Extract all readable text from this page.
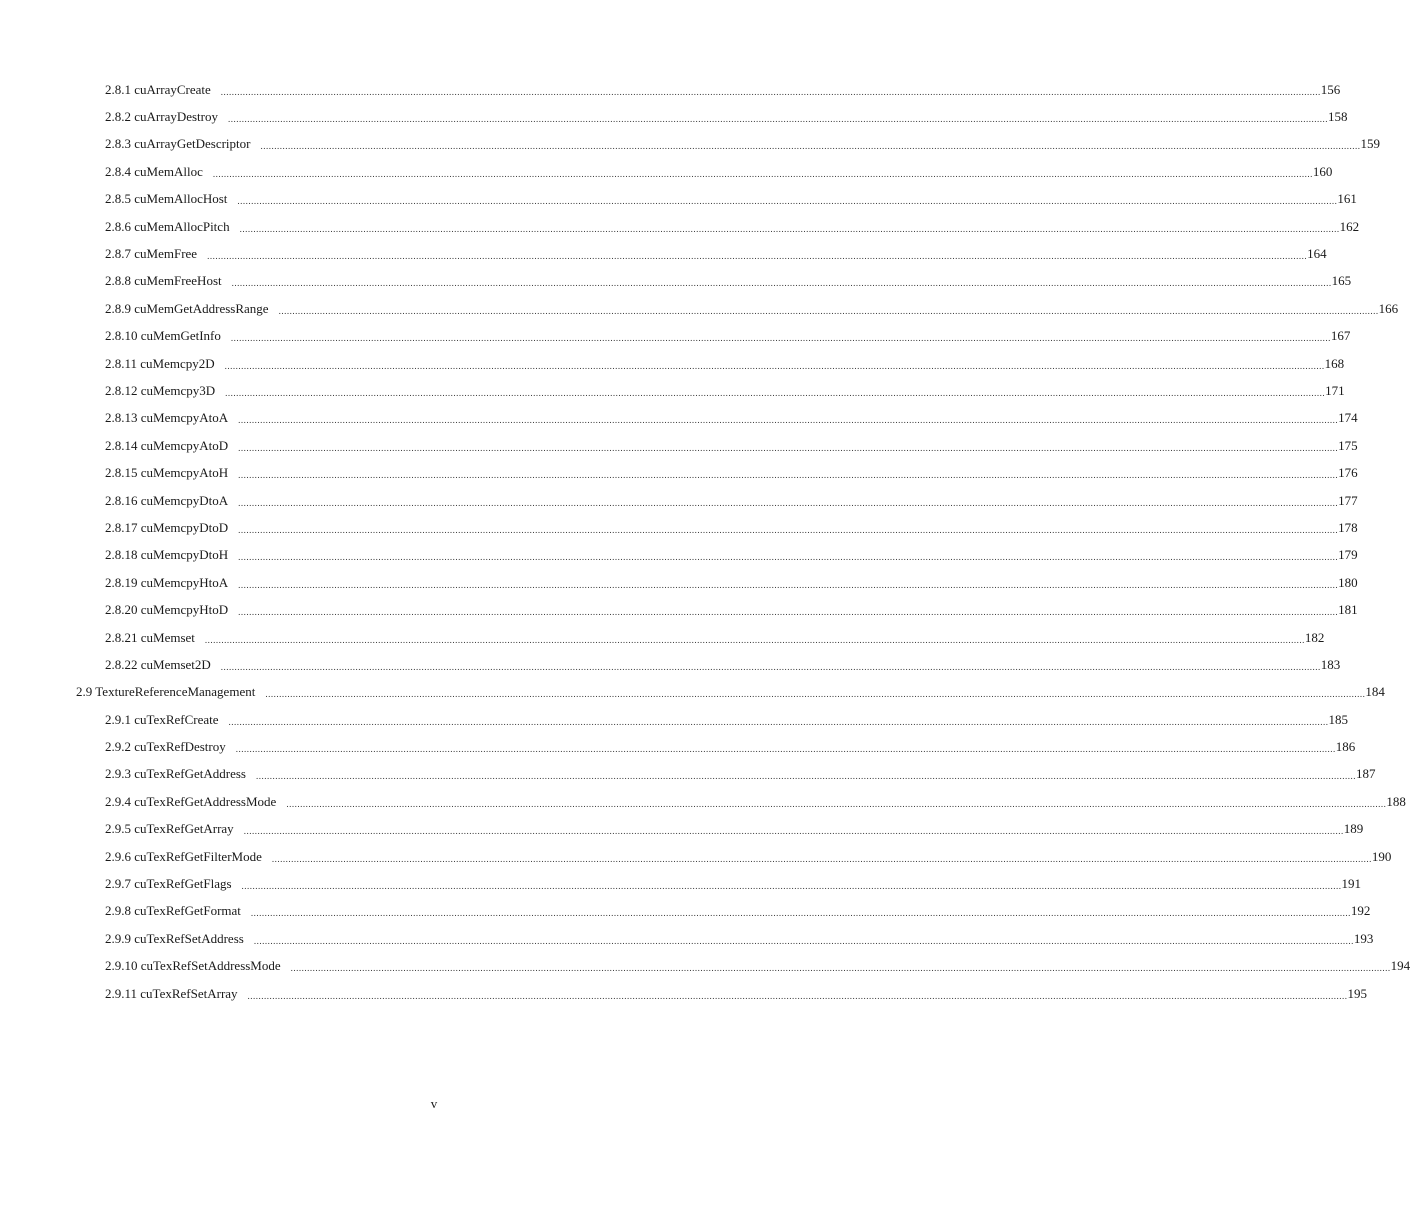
2.8.1 cuArrayCreate	................................................................................................................................................................................................................................................................................................................................................................................................................ 156
2.8.2 cuArrayDestroy	................................................................................................................................................................................................................................................................................................................................................................................................................ 158
2.8.3 cuArrayGetDescriptor	................................................................................................................................................................................................................................................................................................................................................................................................................ 159
2.8.4 cuMemAlloc	................................................................................................................................................................................................................................................................................................................................................................................................................ 160
2.8.5 cuMemAllocHost	................................................................................................................................................................................................................................................................................................................................................................................................................ 161
2.8.6 cuMemAllocPitch	................................................................................................................................................................................................................................................................................................................................................................................................................ 162
2.8.7 cuMemFree	................................................................................................................................................................................................................................................................................................................................................................................................................ 164
2.8.8 cuMemFreeHost	................................................................................................................................................................................................................................................................................................................................................................................................................ 165
2.8.9 cuMemGetAddressRange	................................................................................................................................................................................................................................................................................................................................................................................................................ 166
2.8.10 cuMemGetInfo	................................................................................................................................................................................................................................................................................................................................................................................................................ 167
2.8.11 cuMemcpy2D	................................................................................................................................................................................................................................................................................................................................................................................................................ 168
2.8.12 cuMemcpy3D	................................................................................................................................................................................................................................................................................................................................................................................................................ 171
2.8.13 cuMemcpyAtoA	................................................................................................................................................................................................................................................................................................................................................................................................................ 174
2.8.14 cuMemcpyAtoD	................................................................................................................................................................................................................................................................................................................................................................................................................ 175
2.8.15 cuMemcpyAtoH	................................................................................................................................................................................................................................................................................................................................................................................................................ 176
2.8.16 cuMemcpyDtoA	................................................................................................................................................................................................................................................................................................................................................................................................................ 177
2.8.17 cuMemcpyDtoD	................................................................................................................................................................................................................................................................................................................................................................................................................ 178
2.8.18 cuMemcpyDtoH	................................................................................................................................................................................................................................................................................................................................................................................................................ 179
2.8.19 cuMemcpyHtoA	................................................................................................................................................................................................................................................................................................................................................................................................................ 180
2.8.20 cuMemcpyHtoD	................................................................................................................................................................................................................................................................................................................................................................................................................ 181
2.8.21 cuMemset	................................................................................................................................................................................................................................................................................................................................................................................................................ 182
2.8.22 cuMemset2D	................................................................................................................................................................................................................................................................................................................................................................................................................ 183
2.9 TextureReferenceManagement	................................................................................................................................................................................................................................................................................................................................................................................................................ 184
2.9.1 cuTexRefCreate	................................................................................................................................................................................................................................................................................................................................................................................................................ 185
2.9.2 cuTexRefDestroy	................................................................................................................................................................................................................................................................................................................................................................................................................ 186
2.9.3 cuTexRefGetAddress	................................................................................................................................................................................................................................................................................................................................................................................................................ 187
2.9.4 cuTexRefGetAddressMode	................................................................................................................................................................................................................................................................................................................................................................................................................ 188
2.9.5 cuTexRefGetArray	................................................................................................................................................................................................................................................................................................................................................................................................................ 189
2.9.6 cuTexRefGetFilterMode	................................................................................................................................................................................................................................................................................................................................................................................................................ 190
2.9.7 cuTexRefGetFlags	................................................................................................................................................................................................................................................................................................................................................................................................................ 191
2.9.8 cuTexRefGetFormat	................................................................................................................................................................................................................................................................................................................................................................................................................ 192
2.9.9 cuTexRefSetAddress	................................................................................................................................................................................................................................................................................................................................................................................................................ 193
2.9.10 cuTexRefSetAddressMode	................................................................................................................................................................................................................................................................................................................................................................................................................ 194
2.9.11 cuTexRefSetArray	................................................................................................................................................................................................................................................................................................................................................................................................................ 195
v
